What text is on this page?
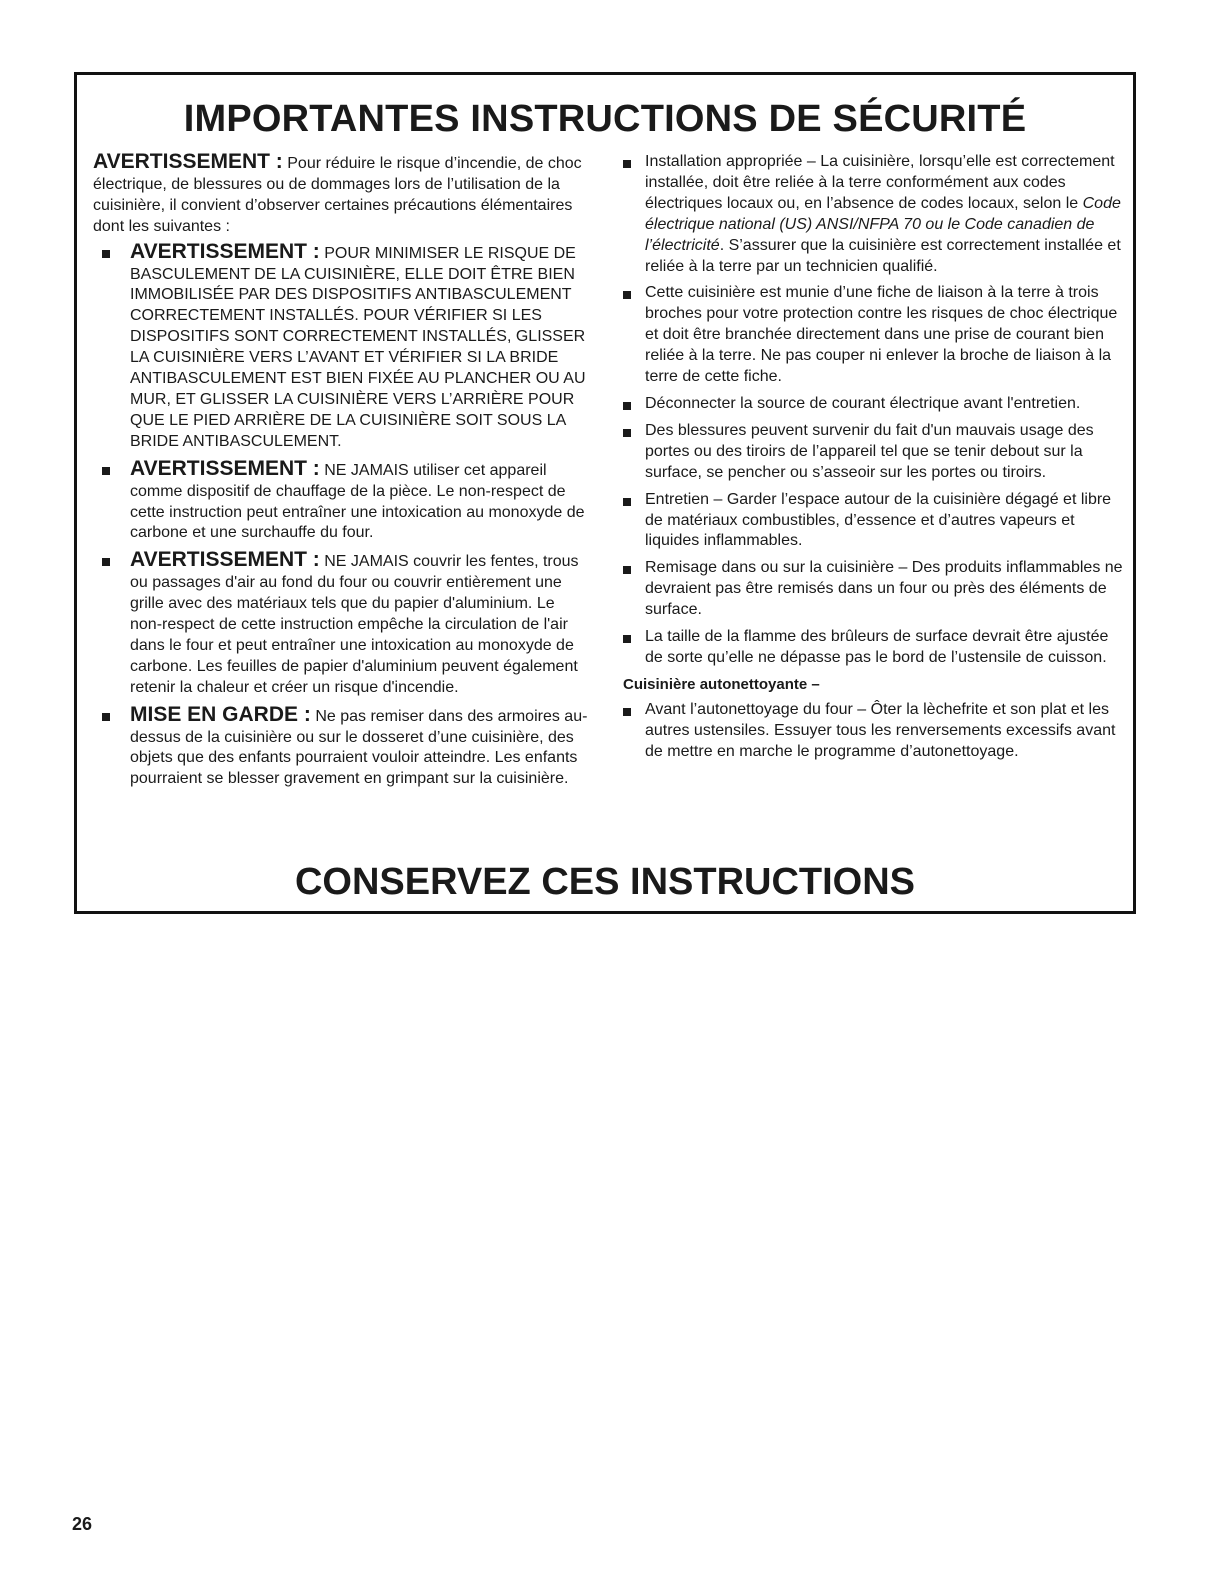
IMPORTANTES INSTRUCTIONS DE SÉCURITÉ

AVERTISSEMENT : Pour réduire le risque d’incendie, de choc électrique, de blessures ou de dommages lors de l’utilisation de la cuisinière, il convient d’observer certaines précautions élémentaires dont les suivantes :

AVERTISSEMENT : POUR MINIMISER LE RISQUE DE BASCULEMENT DE LA CUISINIÈRE, ELLE DOIT ÊTRE BIEN IMMOBILISÉE PAR DES DISPOSITIFS ANTIBASCULEMENT CORRECTEMENT INSTALLÉS. POUR VÉRIFIER SI LES DISPOSITIFS SONT CORRECTEMENT INSTALLÉS, GLISSER LA CUISINIÈRE VERS L’AVANT ET VÉRIFIER SI LA BRIDE ANTIBASCULEMENT EST BIEN FIXÉE AU PLANCHER OU AU MUR, ET GLISSER LA CUISINIÈRE VERS L’ARRIÈRE POUR QUE LE PIED ARRIÈRE DE LA CUISINIÈRE SOIT SOUS LA BRIDE ANTIBASCULEMENT.

AVERTISSEMENT : NE JAMAIS utiliser cet appareil comme dispositif de chauffage de la pièce. Le non-respect de cette instruction peut entraîner une intoxication au monoxyde de carbone et une surchauffe du four.

AVERTISSEMENT : NE JAMAIS couvrir les fentes, trous ou passages d'air au fond du four ou couvrir entièrement une grille avec des matériaux tels que du papier d'aluminium. Le non-respect de cette instruction empêche la circulation de l'air dans le four et peut entraîner une intoxication au monoxyde de carbone. Les feuilles de papier d'aluminium peuvent également retenir la chaleur et créer un risque d'incendie.

MISE EN GARDE : Ne pas remiser dans des armoires au-dessus de la cuisinière ou sur le dosseret d’une cuisinière, des objets que des enfants pourraient vouloir atteindre. Les enfants pourraient se blesser gravement en grimpant sur la cuisinière.

Installation appropriée – La cuisinière, lorsqu’elle est correctement installée, doit être reliée à la terre conformément aux codes électriques locaux ou, en l’absence de codes locaux, selon le Code électrique national (US) ANSI/NFPA 70 ou le Code canadien de l’électricité. S’assurer que la cuisinière est correctement installée et reliée à la terre par un technicien qualifié.

Cette cuisinière est munie d’une fiche de liaison à la terre à trois broches pour votre protection contre les risques de choc électrique et doit être branchée directement dans une prise de courant bien reliée à la terre. Ne pas couper ni enlever la broche de liaison à la terre de cette fiche.

Déconnecter la source de courant électrique avant l'entretien.

Des blessures peuvent survenir du fait d'un mauvais usage des portes ou des tiroirs de l’appareil tel que se tenir debout sur la surface, se pencher ou s’asseoir sur les portes ou tiroirs.

Entretien – Garder l’espace autour de la cuisinière dégagé et libre de matériaux combustibles, d’essence et d’autres vapeurs et liquides inflammables.

Remisage dans ou sur la cuisinière – Des produits inflammables ne devraient pas être remisés dans un four ou près des éléments de surface.

La taille de la flamme des brûleurs de surface devrait être ajustée de sorte qu’elle ne dépasse pas le bord de l’ustensile de cuisson.

Cuisinière autonettoyante –

Avant l’autonettoyage du four – Ôter la lèchefrite et son plat et les autres ustensiles. Essuyer tous les renversements excessifs avant de mettre en marche le programme d’autonettoyage.

CONSERVEZ CES INSTRUCTIONS
26
